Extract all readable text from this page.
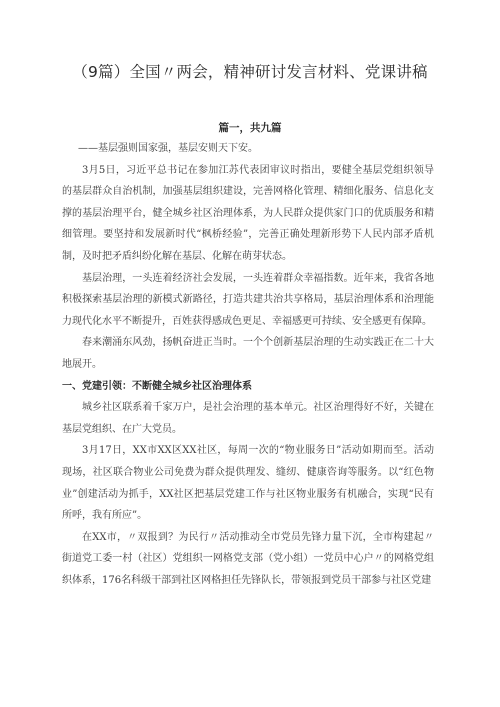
（9篇）全国〃两会，精神研讨发言材料、党课讲稿
篇一，共九篇

——基层强则国家强，基层安则天下安。

3月5日，习近平总书记在参加江苏代表团审议时指出，要健全基层党组织领导的基层群众自治机制，加强基层组织建设，完善网格化管理、精细化服务、信息化支撑的基层治理平台，健全城乡社区治理体系，为人民群众提供家门口的优质服务和精细管理。要坚持和发展新时代“枫桥经验”，完善正确处理新形势下人民内部矛盾机制，及时把矛盾纠纷化解在基层、化解在萌芽状态。

基层治理，一头连着经济社会发展，一头连着群众幸福指数。近年来，我省各地积极探索基层治理的新模式新路径，打造共建共治共享格局，基层治理体系和治理能力现代化水平不断提升，百姓获得感成色更足、幸福感更可持续、安全感更有保障。

春来潮涌东风劲，扬帆奋进正当时。一个个创新基层治理的生动实践正在二十大地展开。

一、党建引领：不断健全城乡社区治理体系

城乡社区联系着千家万户，是社会治理的基本单元。社区治理得好不好，关键在基层党组织、在广大党员。

3月17日，XX市XX区XX社区，每周一次的“物业服务日”活动如期而至。活动现场，社区联合物业公司免费为群众提供理发、缝纫、健康咨询等服务。以“红色物业”创建活动为抓手，XX社区把基层党建工作与社区物业服务有机融合，实现“民有所呼，我有所应”。

在XX市，〃双报到？为民行〃活动推动全市党员先锋力量下沉，全市构建起〃街道党工委一村（社区）党组织一网格党支部（党小组）一党员中心户〃的网格党组织体系，176名科级干部到社区网格担任先锋队长，带领报到党员干部参与社区党建
